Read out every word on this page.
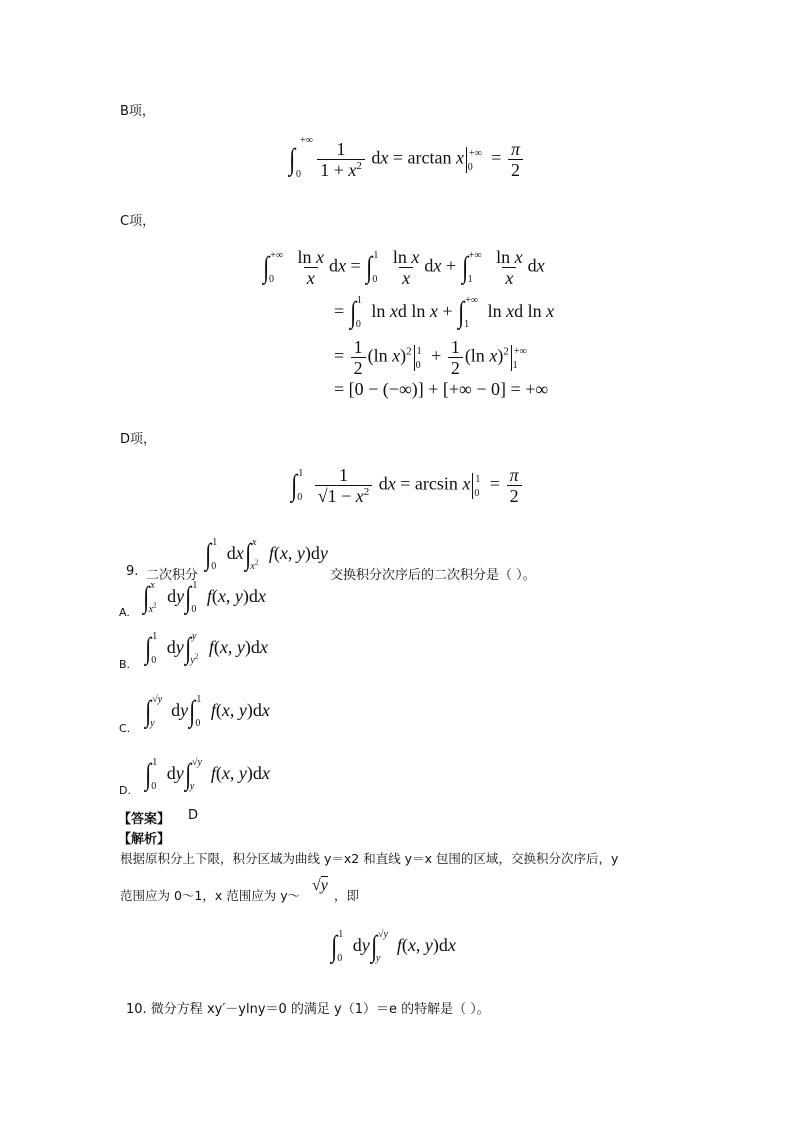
B项，
∫
+∞
0
$\frac{1}{1 + x^2}$ dx = arctan x $^{+\infty}_0 = \frac{\pi}{2}$
C项，
$\int^{+\infty}_0 \frac{\text{ln x}}{x}$ dx = $\int^1_0 \frac{\text{ln x}}{x}$ dx + $\int^{+\infty}_1 \frac{\text{ln x}}{x}$ dx
= ∫$^1_0$ ln xd $\ln x + \int^{+\infty}_1$ ln xd ln x
= $\frac{1}{2} (\ln$ x)$^2$ $^1_0 + \frac{1}{2} (\ln$ x)$^2$ +∞$_1$
= [0 − (−∞)] + [+∞ − 0] = +∞
D项，
$\int^1_0 \frac{1}{√1 - x^2}$ dx = arcsin x $^1_0 = \frac{\pi}{2}$
9. 二次积分
∫$^1_0$ dx∫$^x_{x^2}$ f(x, y)dy
交换积分次序后的二次积分是（ ）。
A. ∫$^x_{x^2}$ dy∫$^1_0$ f(x, y)dx
B. ∫$^1_0$ dy∫$^y_{y^2}$ f(x, y)dx
C.
∫$^{√y}_y$ dy∫$^1_0$ f(x, y)dx
D. ∫$^1_0$ dy∫$^{√y}_y$ f(x, y)dx
【答案】 D
【解析】
根据原积分上下限，积分区域为曲线 y＝x2 和直线 y＝x 包围的区域，交换积分次序后，y
范围应为 0～1，x 范围应为 y～
√y
，即
∫$^1_0$ dy∫$^{√y}_y$ f(x, y)dx
10. 微分方程 xy′－ylny＝0 的满足 y（1）＝e 的特解是（ ）。
